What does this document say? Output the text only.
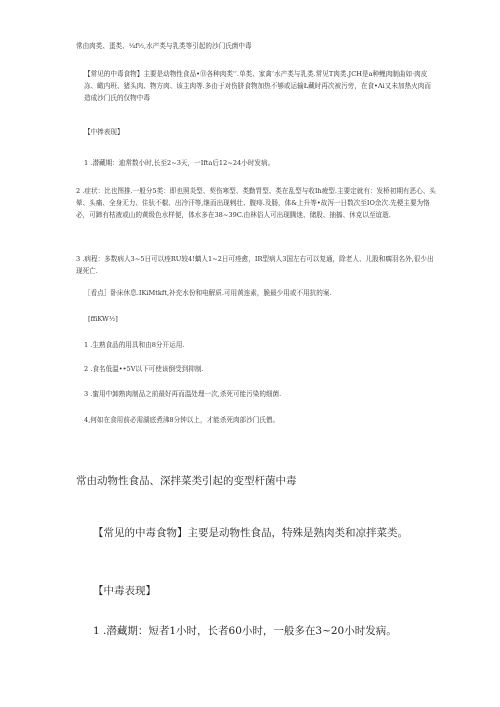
常由肉类、蛋类、¼f½,水产类与乳类等引起的沙门氏菌中毒
【常见的中毒食物】主要是动物性食品•⑬各种肉类'ʻ.单类、家禽ʻ水产类与乳类.常见T肉类.JCH是a种鲤肉制曲如·肉皮冻、瞰内班、猪头肉、物方肉、该主肉等.多由于对伤脐食物加热不够或运输Ł藏时再次被污旁，在食•Ai又未加热火肉而造成沙门氏的仅物中毒
【中捧表现】
1 .潜藏期：迪常数小时,长至2~3天，一Ifta后12~24小时发病。
2 .症状：比也图推.一般分5类：即也照炎型、契伤寒型、类勤胃型、类在乱型与收Ih疲型.主要定就有：发桥初期有恶心、头晕、头痛、全身无力、住驮不椒、出冷汗等,继而出现剌壮、腹痔.及肠，体&上升等•故泻一日数次至IO余次.先梗主要为恪必，可蹄有枯液或山的黄级色水样便，体水多在38~39C.由林俗人可出现腾迷、储股、抽搐、休克以至谊逝.
3 .病程：多数病人3~5日可以痊RU较4!螭人1~2日可痊愈，IR型病人3国左右可以复通，除老人、儿股和瘸羽名外,很少出现死亡.
［看点］卧床休息.IKiMtkft,补充水份和电解质.可用黄连素，脆最少用或不用抗的案.
[ffiKW½]
1 .生熟食品的用具和由8分开运用.
2 .食名低温••5V以下可使该倒受到抑制.
3 .蜜用中卸熟肉制品之前最好再而温处理一次,杀死可能污染的细菌.
4,何如在食用前必需湖底煮沸8分钟以上，才能杀死肉部沙门氏僧。
常由动物性食品、深拌菜类引起的变型杆菌中毒
【常见的中毒食物】主要是动物性食品，特殊是熟肉类和凉拌菜类。
【中毒表现】
1 .潜藏期：短者1小时，长者60小时，一般多在3~20小时发病。
